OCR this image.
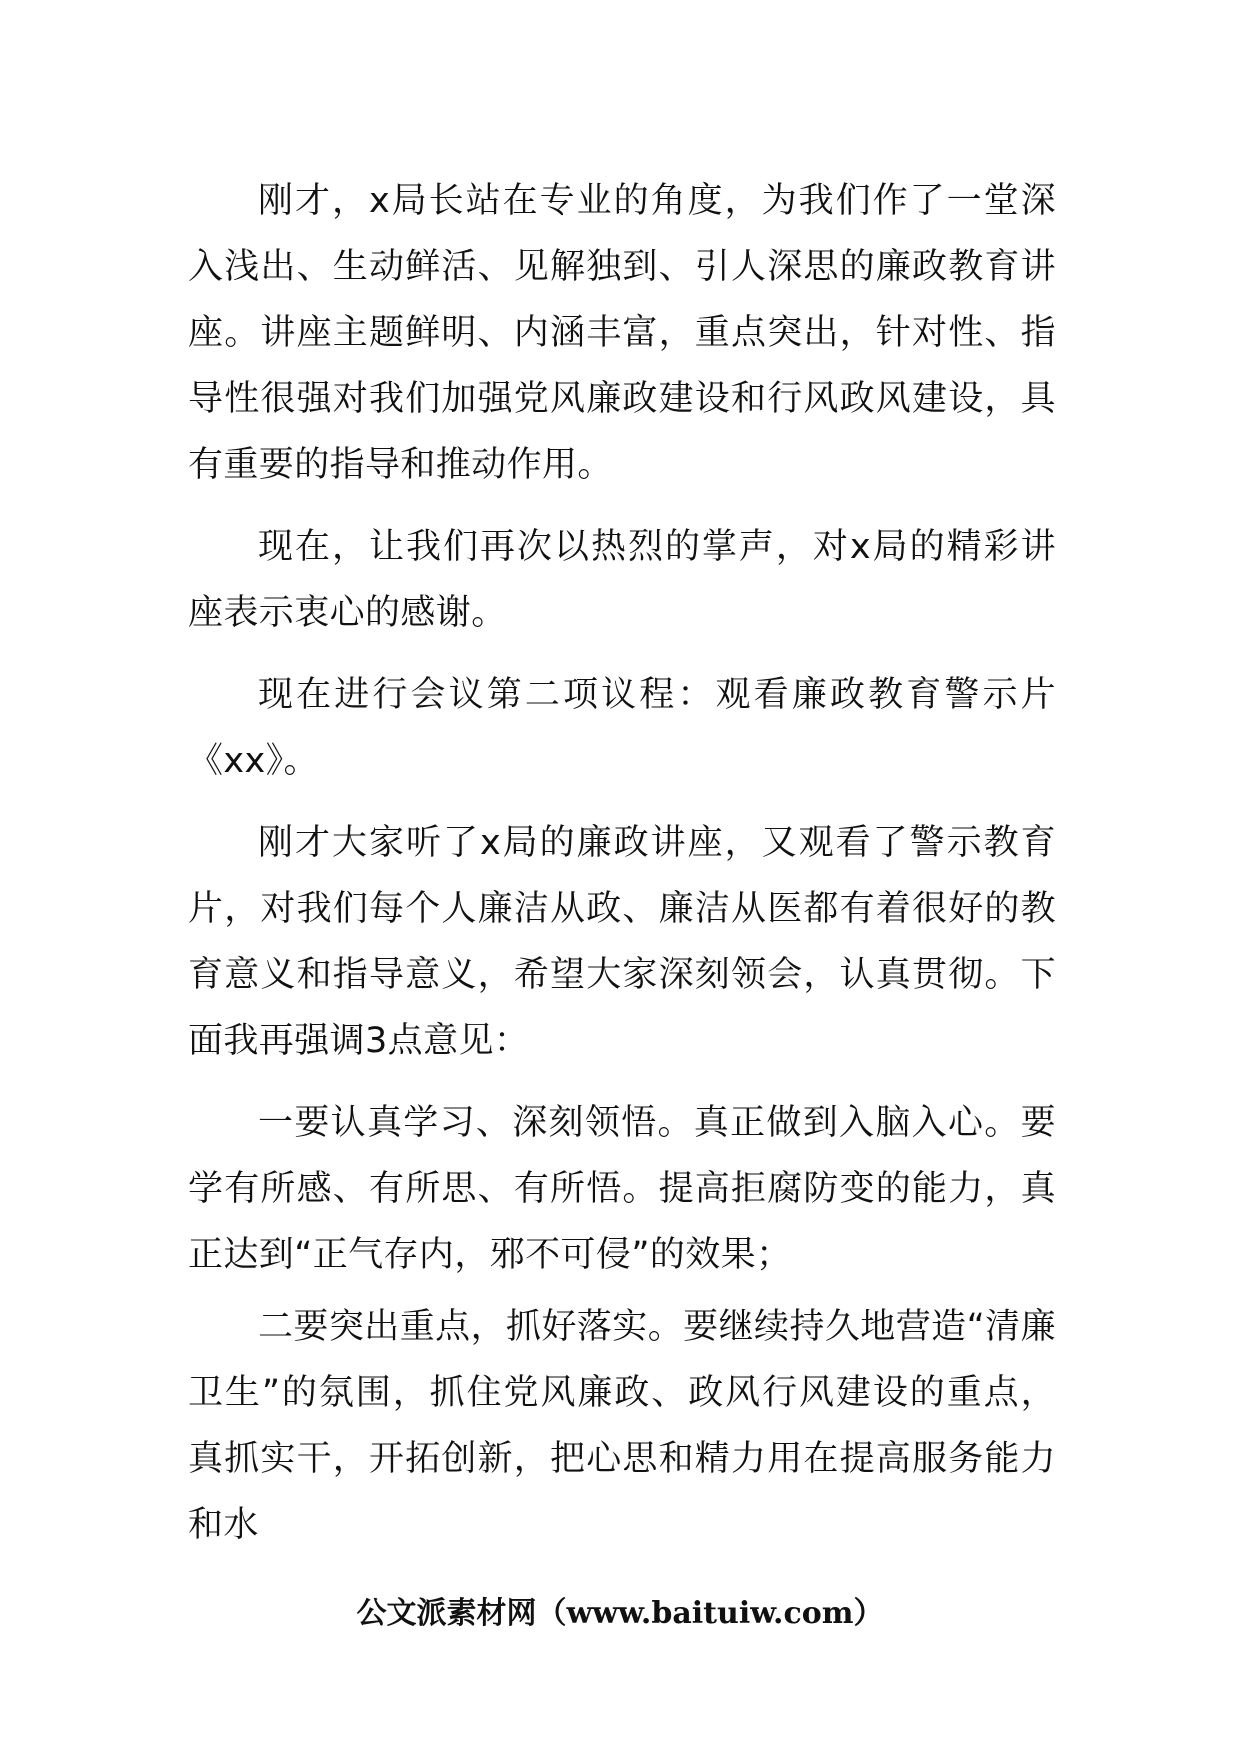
刚才，x局长站在专业的角度，为我们作了一堂深入浅出、生动鲜活、见解独到、引人深思的廉政教育讲座。讲座主题鲜明、内涵丰富，重点突出，针对性、指导性很强对我们加强党风廉政建设和行风政风建设，具有重要的指导和推动作用。

现在，让我们再次以热烈的掌声，对x局的精彩讲座表示衷心的感谢。

现在进行会议第二项议程：观看廉政教育警示片《xx》。

刚才大家听了x局的廉政讲座，又观看了警示教育片，对我们每个人廉洁从政、廉洁从医都有着很好的教育意义和指导意义，希望大家深刻领会，认真贯彻。下面我再强调3点意见：

一要认真学习、深刻领悟。真正做到入脑入心。要学有所感、有所思、有所悟。提高拒腐防变的能力，真正达到“正气存内，邪不可侵”的效果；

二要突出重点，抓好落实。要继续持久地营造“清廉卫生”的氛围，抓住党风廉政、政风行风建设的重点，真抓实干，开拓创新，把心思和精力用在提高服务能力和水

公文派素材网（www.baituiw.com）
